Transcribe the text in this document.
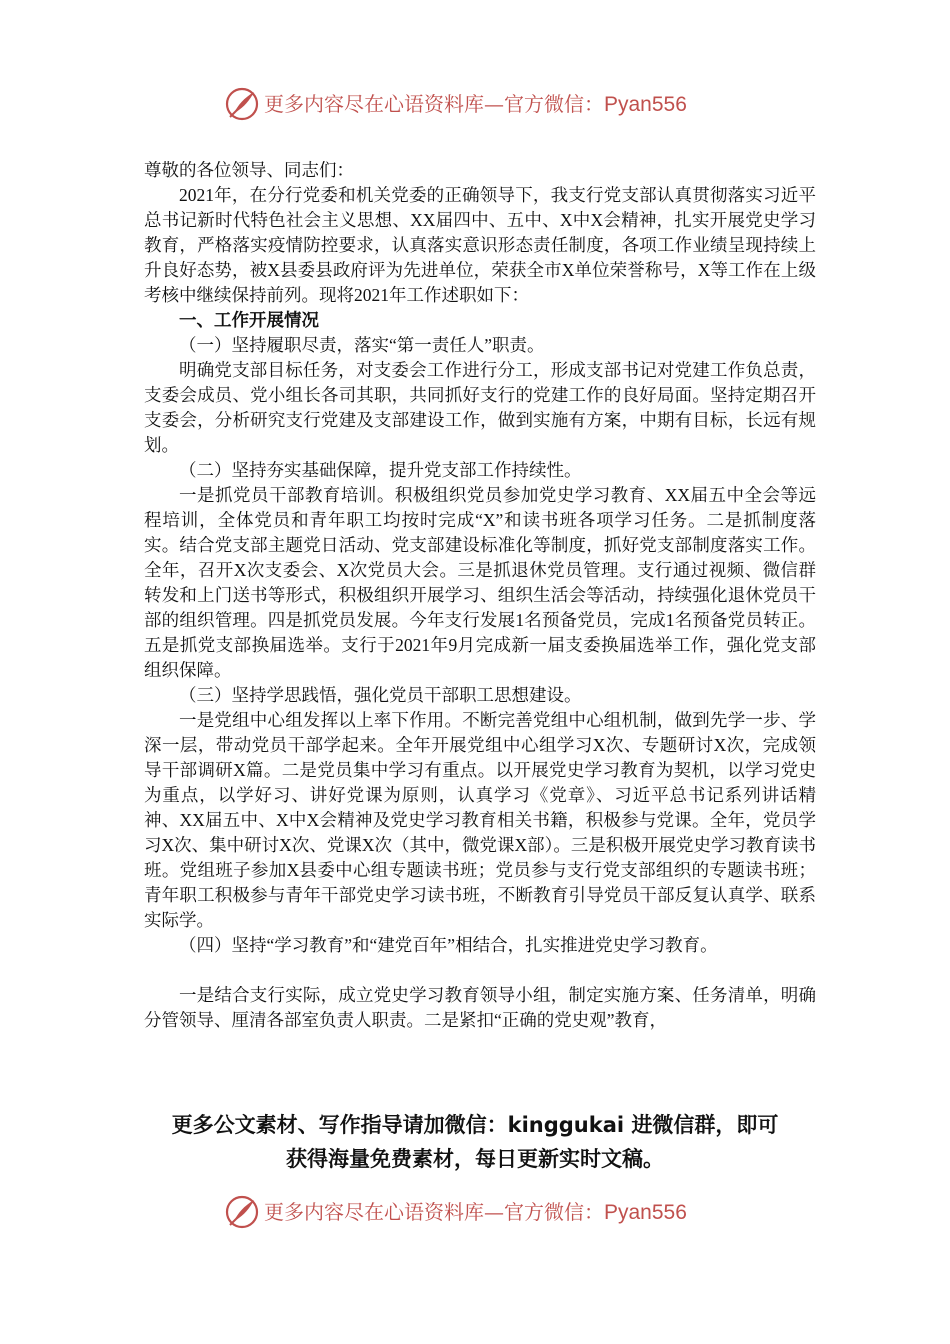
更多内容尽在心语资料库—官方微信：Pyan556

尊敬的各位领导、同志们：

2021年，在分行党委和机关党委的正确领导下，我支行党支部认真贯彻落实习近平总书记新时代特色社会主义思想、XX届四中、五中、X中X会精神，扎实开展党史学习教育，严格落实疫情防控要求，认真落实意识形态责任制度，各项工作业绩呈现持续上升良好态势，被X县委县政府评为先进单位，荣获全市X单位荣誉称号，X等工作在上级考核中继续保持前列。现将2021年工作述职如下：

一、工作开展情况

（一）坚持履职尽责，落实“第一责任人”职责。

明确党支部目标任务，对支委会工作进行分工，形成支部书记对党建工作负总责，支委会成员、党小组长各司其职，共同抓好支行的党建工作的良好局面。坚持定期召开支委会，分析研究支行党建及支部建设工作，做到实施有方案，中期有目标，长远有规划。

（二）坚持夯实基础保障，提升党支部工作持续性。

一是抓党员干部教育培训。积极组织党员参加党史学习教育、XX届五中全会等远程培训，全体党员和青年职工均按时完成“X”和读书班各项学习任务。二是抓制度落实。结合党支部主题党日活动、党支部建设标准化等制度，抓好党支部制度落实工作。全年，召开X次支委会、X次党员大会。三是抓退休党员管理。支行通过视频、微信群转发和上门送书等形式，积极组织开展学习、组织生活会等活动，持续强化退休党员干部的组织管理。四是抓党员发展。今年支行发展1名预备党员，完成1名预备党员转正。五是抓党支部换届选举。支行于2021年9月完成新一届支委换届选举工作，强化党支部组织保障。

（三）坚持学思践悟，强化党员干部职工思想建设。

一是党组中心组发挥以上率下作用。不断完善党组中心组机制，做到先学一步、学深一层，带动党员干部学起来。全年开展党组中心组学习X次、专题研讨X次，完成领导干部调研X篇。二是党员集中学习有重点。以开展党史学习教育为契机，以学习党史为重点，以学好习、讲好党课为原则，认真学习《党章》、习近平总书记系列讲话精神、XX届五中、X中X会精神及党史学习教育相关书籍，积极参与党课。全年，党员学习X次、集中研讨X次、党课X次（其中，微党课X部）。三是积极开展党史学习教育读书班。党组班子参加X县委中心组专题读书班；党员参与支行党支部组织的专题读书班；青年职工积极参与青年干部党史学习读书班，不断教育引导党员干部反复认真学、联系实际学。

（四）坚持“学习教育”和“建党百年”相结合，扎实推进党史学习教育。

一是结合支行实际，成立党史学习教育领导小组，制定实施方案、任务清单，明确分管领导、厘清各部室负责人职责。二是紧扣“正确的党史观”教育，

更多公文素材、写作指导请加微信：kinggukai 进微信群，即可
获得海量免费素材，每日更新实时文稿。
更多内容尽在心语资料库—官方微信：Pyan556
